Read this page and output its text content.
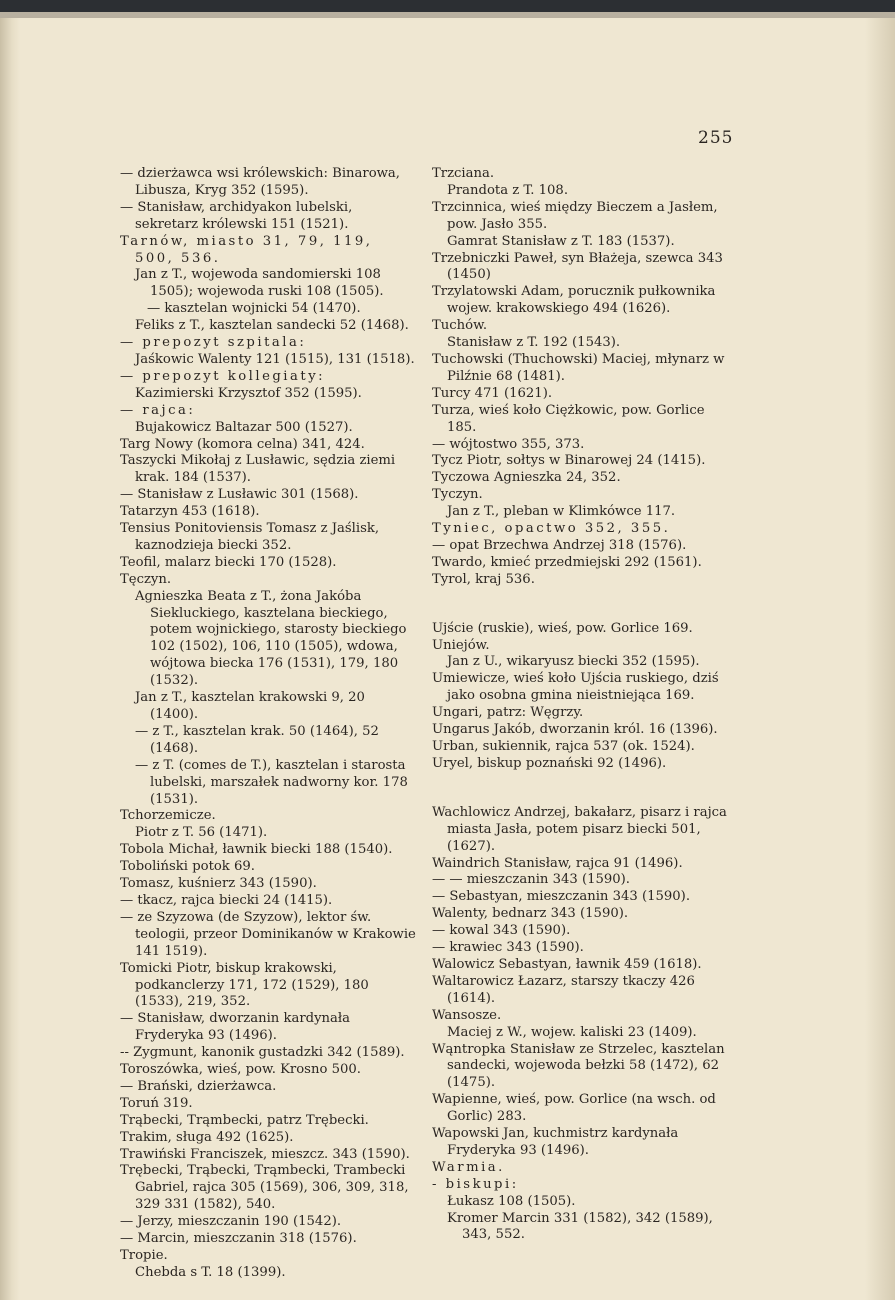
255

— dzierżawca wsi królewskich: Binarowa, Libusza, Kryg 352 (1595).

— Stanisław, archidyakon lubelski, sekretarz królewski 151 (1521).

Tarnów, miasto 31, 79, 119, 500, 536.

Jan z T., wojewoda sandomierski 108 1505); wojewoda ruski 108 (1505).

— kasztelan wojnicki 54 (1470).

Feliks z T., kasztelan sandecki 52 (1468).

— prepozyt szpitala:

Jaśkowic Walenty 121 (1515), 131 (1518).

— prepozyt kollegiaty:

Kazimierski Krzysztof 352 (1595).

— rajca:

Bujakowicz Baltazar 500 (1527).

Targ Nowy (komora celna) 341, 424.

Taszycki Mikołaj z Lusławic, sędzia ziemi krak. 184 (1537).

— Stanisław z Lusławic 301 (1568).

Tatarzyn 453 (1618).

Tensius Ponitoviensis Tomasz z Jaślisk, kaznodzieja biecki 352.

Teofil, malarz biecki 170 (1528).

Tęczyn.

Agnieszka Beata z T., żona Jakóba Siekluckiego, kasztelana bieckiego, potem wojnickiego, starosty bieckiego 102 (1502), 106, 110 (1505), wdowa, wójtowa biecka 176 (1531), 179, 180 (1532).

Jan z T., kasztelan krakowski 9, 20 (1400).

— z T., kasztelan krak. 50 (1464), 52 (1468).

— z T. (comes de T.), kasztelan i starosta lubelski, marszałek nadworny kor. 178 (1531).

Tchorzemicze.

Piotr z T. 56 (1471).

Tobola Michał, ławnik biecki 188 (1540).

Toboliński potok 69.

Tomasz, kuśnierz 343 (1590).

— tkacz, rajca biecki 24 (1415).

— ze Szyzowa (de Szyzow), lektor św. teologii, przeor Dominikanów w Krakowie 141 1519).

Tomicki Piotr, biskup krakowski, podkanclerzy 171, 172 (1529), 180 (1533), 219, 352.

— Stanisław, dworzanin kardynała Fryderyka 93 (1496).

-- Zygmunt, kanonik gustadzki 342 (1589).

Toroszówka, wieś, pow. Krosno 500.

— Brański, dzierżawca.

Toruń 319.

Trąbecki, Trąmbecki, patrz Trębecki.

Trakim, sługa 492 (1625).

Trawiński Franciszek, mieszcz. 343 (1590).

Trębecki, Trąbecki, Trąmbecki, Trambecki Gabriel, rajca 305 (1569), 306, 309, 318, 329 331 (1582), 540.

— Jerzy, mieszczanin 190 (1542).

— Marcin, mieszczanin 318 (1576).

Tropie.

Chebda s T. 18 (1399).

Trzciana.

Prandota z T. 108.

Trzcinnica, wieś między Bieczem a Jasłem, pow. Jasło 355.

Gamrat Stanisław z T. 183 (1537).

Trzebniczki Paweł, syn Błażeja, szewca 343 (1450)

Trzylatowski Adam, porucznik pułkownika wojew. krakowskiego 494 (1626).

Tuchów.

Stanisław z T. 192 (1543).

Tuchowski (Thuchowski) Maciej, młynarz w Pilźnie 68 (1481).

Turcy 471 (1621).

Turza, wieś koło Ciężkowic, pow. Gorlice 185.

— wójtostwo 355, 373.

Tycz Piotr, sołtys w Binarowej 24 (1415).

Tyczowa Agnieszka 24, 352.

Tyczyn.

Jan z T., pleban w Klimkówce 117.

Tyniec, opactwo 352, 355.

— opat Brzechwa Andrzej 318 (1576).

Twardo, kmieć przedmiejski 292 (1561).

Tyrol, kraj 536.

Ujście (ruskie), wieś, pow. Gorlice 169.

Uniejów.

Jan z U., wikaryusz biecki 352 (1595).

Umiewicze, wieś koło Ujścia ruskiego, dziś jako osobna gmina nieistniejąca 169.

Ungari, patrz: Węgrzy.

Ungarus Jakób, dworzanin król. 16 (1396).

Urban, sukiennik, rajca 537 (ok. 1524).

Uryel, biskup poznański 92 (1496).

Wachlowicz Andrzej, bakałarz, pisarz i rajca miasta Jasła, potem pisarz biecki 501, (1627).

Waindrich Stanisław, rajca 91 (1496).

— — mieszczanin 343 (1590).

— Sebastyan, mieszczanin 343 (1590).

Walenty, bednarz 343 (1590).

— kowal 343 (1590).

— krawiec 343 (1590).

Walowicz Sebastyan, ławnik 459 (1618).

Waltarowicz Łazarz, starszy tkaczy 426 (1614).

Wansosze.

Maciej z W., wojew. kaliski 23 (1409).

Wąntropka Stanisław ze Strzelec, kasztelan sandecki, wojewoda bełzki 58 (1472), 62 (1475).

Wapienne, wieś, pow. Gorlice (na wsch. od Gorlic) 283.

Wapowski Jan, kuchmistrz kardynała Fryderyka 93 (1496).

Warmia.

- biskupi:

Łukasz 108 (1505).

Kromer Marcin 331 (1582), 342 (1589), 343, 552.
